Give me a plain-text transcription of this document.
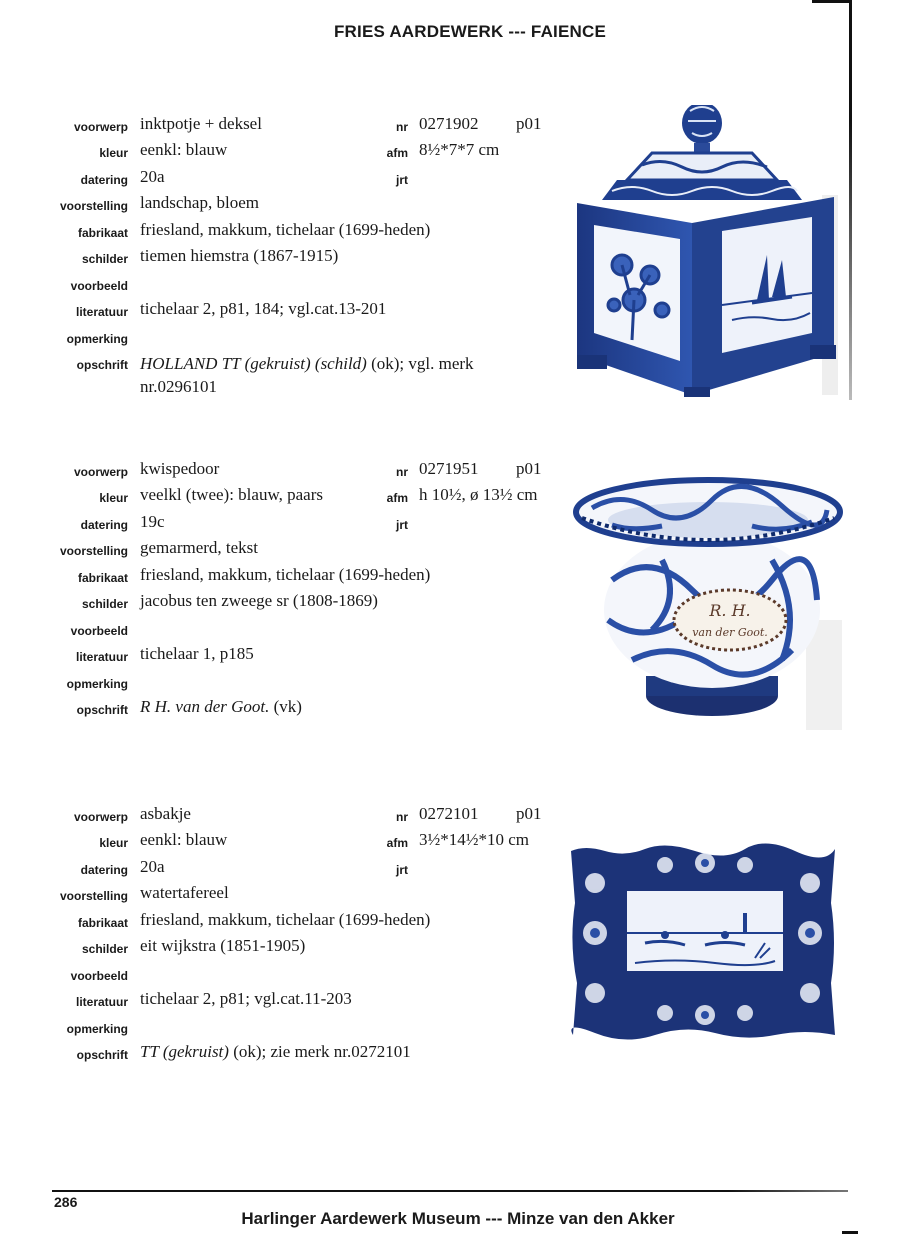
FRIES AARDEWERK --- FAIENCE
voorwerp inktpotje + deksel	nr 0271902 p01
kleur eenkl: blauw	afm 8½*7*7 cm
datering 20a	jrt
voorstelling landschap, bloem
fabrikaat friesland, makkum, tichelaar (1699-heden)
schilder tiemen hiemstra (1867-1915)
voorbeeld
literatuur tichelaar 2, p81, 184; vgl.cat.13-201
opmerking
opschrift HOLLAND TT (gekruist) (schild) (ok); vgl. merk nr.0296101
voorwerp kwispedoor	nr 0271951 p01
kleur veelkl (twee): blauw, paars	afm h 10½, ø 13½ cm
datering 19c	jrt
voorstelling gemarmerd, tekst
fabrikaat friesland, makkum, tichelaar (1699-heden)
schilder jacobus ten zweege sr (1808-1869)
voorbeeld
literatuur tichelaar 1, p185
opmerking
opschrift R H. van der Goot. (vk)
R. H.
van der Goot.
voorwerp asbakje	nr 0272101 p01
kleur eenkl: blauw	afm 3½*14½*10 cm
datering 20a	jrt
voorstelling watertafereel
fabrikaat friesland, makkum, tichelaar (1699-heden)
schilder eit wijkstra (1851-1905)
voorbeeld
literatuur tichelaar 2, p81; vgl.cat.11-203
opmerking
opschrift TT (gekruist) (ok); zie merk nr.0272101
286
Harlinger Aardewerk Museum --- Minze van den Akker
